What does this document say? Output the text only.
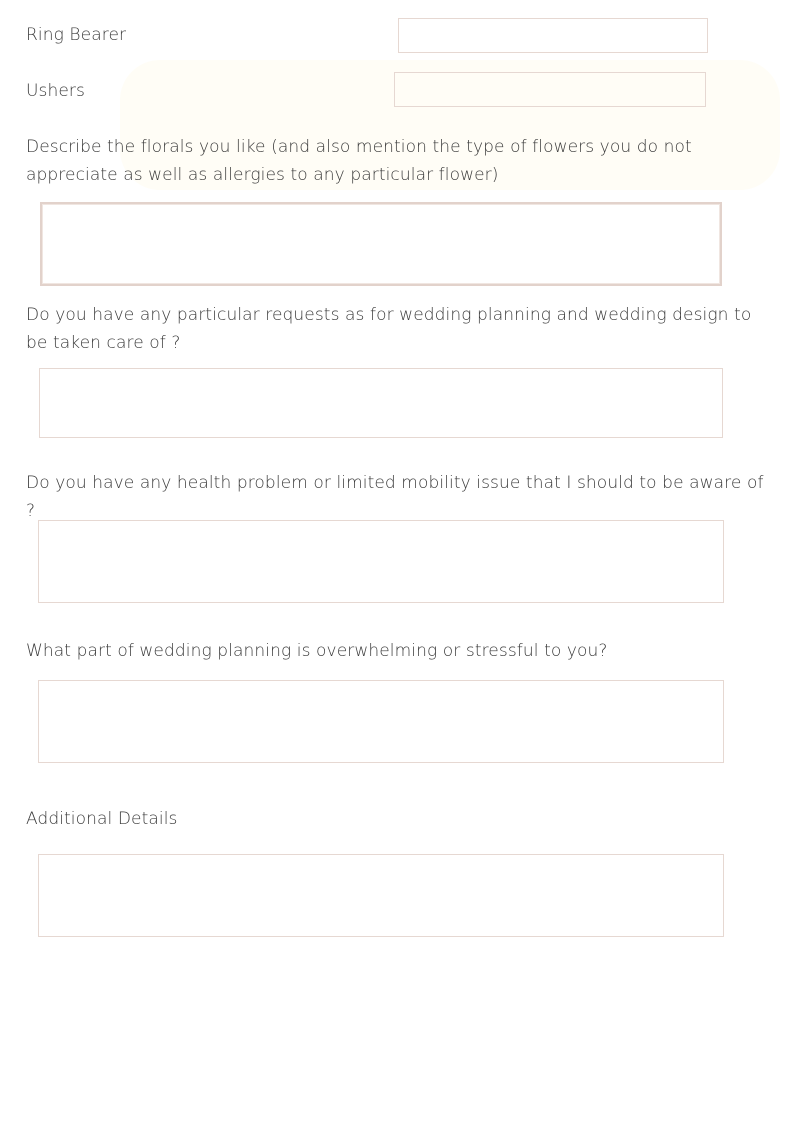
Ring Bearer
Ushers
Describe the florals you like (and also mention the type of flowers you do not appreciate as well as allergies to any particular flower)
Do you have any particular requests as for wedding planning and wedding design to be taken care of ?
Do you have any health problem or limited mobility issue that I should to be aware of ?
What part of wedding planning is overwhelming or stressful to you?
Additional Details
